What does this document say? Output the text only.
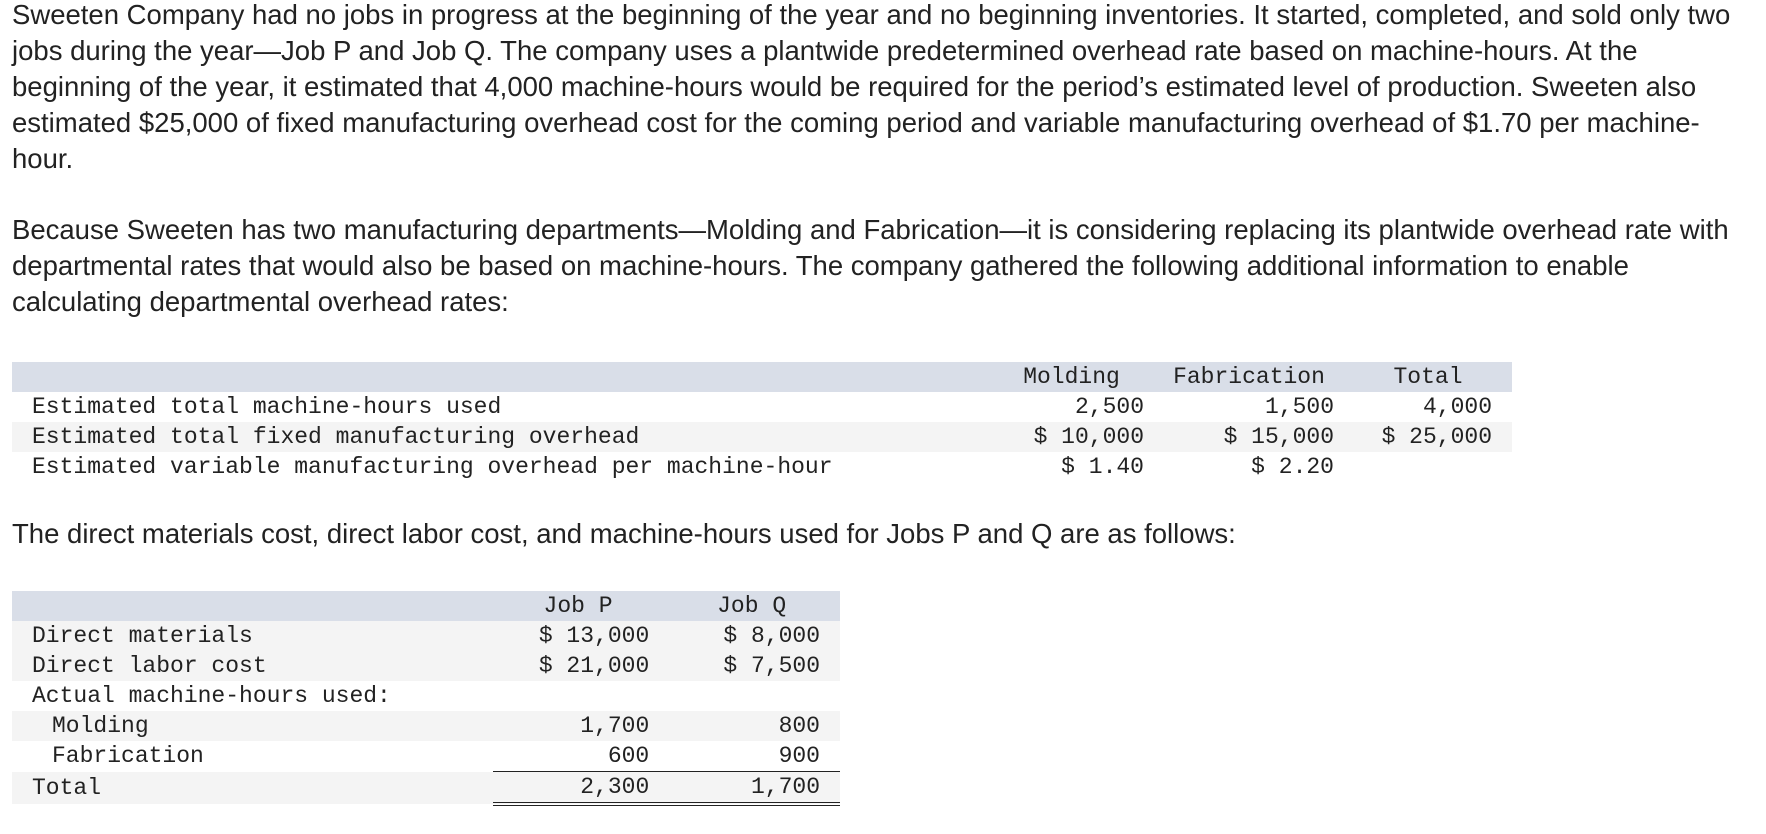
Sweeten Company had no jobs in progress at the beginning of the year and no beginning inventories. It started, completed, and sold only two jobs during the year—Job P and Job Q. The company uses a plantwide predetermined overhead rate based on machine-hours. At the beginning of the year, it estimated that 4,000 machine-hours would be required for the period’s estimated level of production. Sweeten also estimated $25,000 of fixed manufacturing overhead cost for the coming period and variable manufacturing overhead of $1.70 per machine-hour.

Because Sweeten has two manufacturing departments—Molding and Fabrication—it is considering replacing its plantwide overhead rate with departmental rates that would also be based on machine-hours. The company gathered the following additional information to enable calculating departmental overhead rates:

	Molding	Fabrication	Total
Estimated total machine-hours used	2,500	1,500	4,000
Estimated total fixed manufacturing overhead	$ 10,000	$ 15,000	$ 25,000
Estimated variable manufacturing overhead per machine-hour	$ 1.40	$ 2.20	

The direct materials cost, direct labor cost, and machine-hours used for Jobs P and Q are as follows:

	Job P	Job Q
Direct materials	$ 13,000	$ 8,000
Direct labor cost	$ 21,000	$ 7,500
Actual machine-hours used:		
Molding	1,700	800
Fabrication	600	900
Total	2,300	1,700
